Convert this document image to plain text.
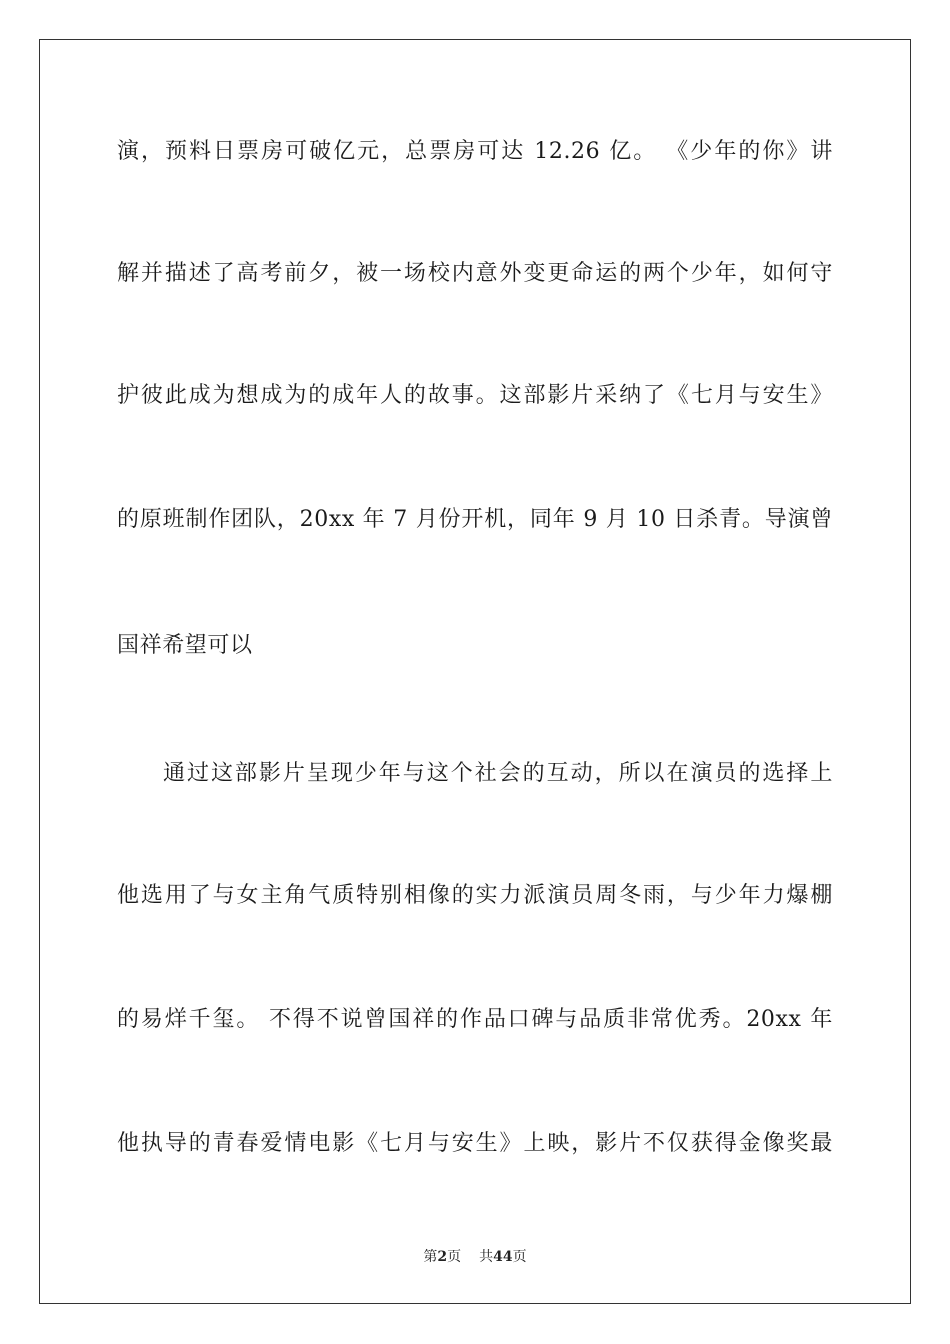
演，预料日票房可破亿元，总票房可达 12.26 亿。 《少年的你》讲
解并描述了高考前夕，被一场校内意外变更命运的两个少年，如何守
护彼此成为想成为的成年人的故事。这部影片采纳了《七月与安生》
的原班制作团队，20xx 年 7 月份开机，同年 9 月 10 日杀青。导演曾
国祥希望可以
通过这部影片呈现少年与这个社会的互动，所以在演员的选择上
他选用了与女主角气质特别相像的实力派演员周冬雨，与少年力爆棚
的易烊千玺。 不得不说曾国祥的作品口碑与品质非常优秀。20xx 年
他执导的青春爱情电影《七月与安生》上映，影片不仅获得金像奖最
第2页 共44页
